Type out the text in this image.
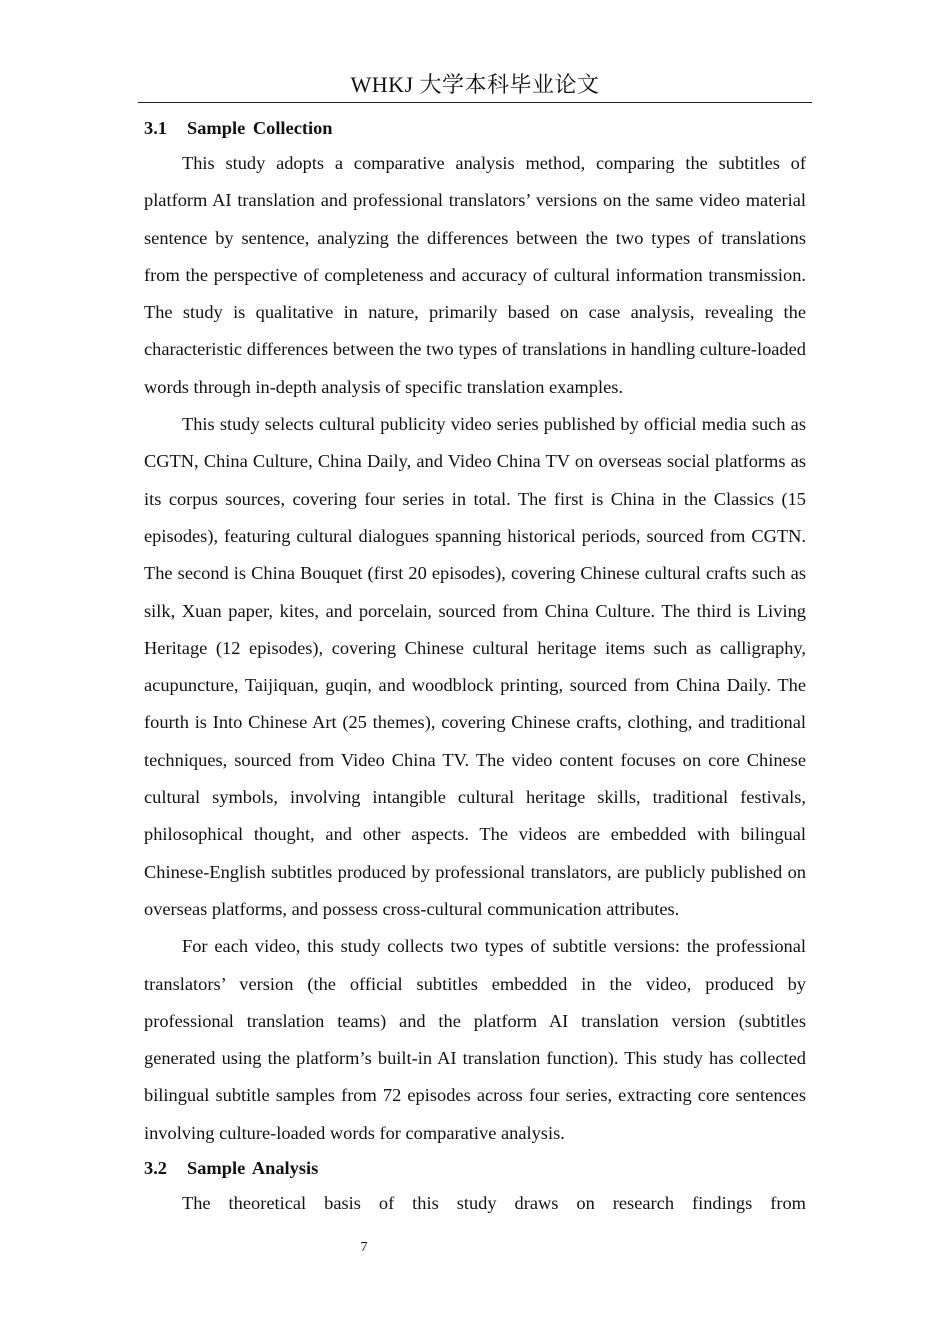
WHKJ 大学本科毕业论文
3.1 Sample Collection

This study adopts a comparative analysis method, comparing the subtitles of platform AI translation and professional translators’ versions on the same video material sentence by sentence, analyzing the differences between the two types of translations from the perspective of completeness and accuracy of cultural information transmission. The study is qualitative in nature, primarily based on case analysis, revealing the characteristic differences between the two types of translations in handling culture-loaded words through in-depth analysis of specific translation examples.

This study selects cultural publicity video series published by official media such as CGTN, China Culture, China Daily, and Video China TV on overseas social platforms as its corpus sources, covering four series in total. The first is China in the Classics (15 episodes), featuring cultural dialogues spanning historical periods, sourced from CGTN. The second is China Bouquet (first 20 episodes), covering Chinese cultural crafts such as silk, Xuan paper, kites, and porcelain, sourced from China Culture. The third is Living Heritage (12 episodes), covering Chinese cultural heritage items such as calligraphy, acupuncture, Taijiquan, guqin, and woodblock printing, sourced from China Daily. The fourth is Into Chinese Art (25 themes), covering Chinese crafts, clothing, and traditional techniques, sourced from Video China TV. The video content focuses on core Chinese cultural symbols, involving intangible cultural heritage skills, traditional festivals, philosophical thought, and other aspects. The videos are embedded with bilingual Chinese-English subtitles produced by professional translators, are publicly published on overseas platforms, and possess cross-cultural communication attributes.

For each video, this study collects two types of subtitle versions: the professional translators’ version (the official subtitles embedded in the video, produced by professional translation teams) and the platform AI translation version (subtitles generated using the platform’s built-in AI translation function). This study has collected bilingual subtitle samples from 72 episodes across four series, extracting core sentences involving culture-loaded words for comparative analysis.

3.2 Sample Analysis

The theoretical basis of this study draws on research findings from

7
